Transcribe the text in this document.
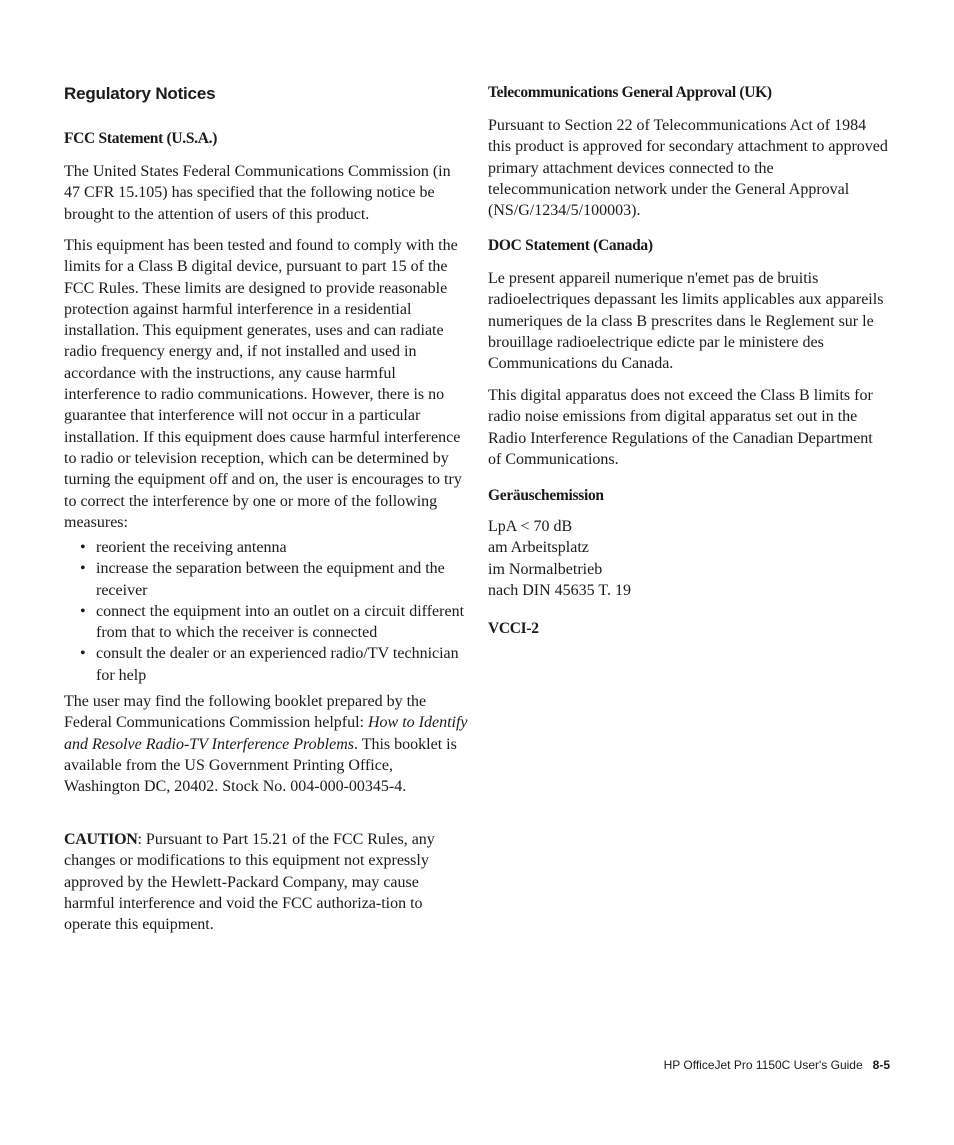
Regulatory Notices
FCC Statement (U.S.A.)

The United States Federal Communications Commission (in 47 CFR 15.105) has specified that the following notice be brought to the attention of users of this product.

This equipment has been tested and found to comply with the limits for a Class B digital device, pursuant to part 15 of the FCC Rules. These limits are designed to provide reasonable protection against harmful interference in a residential installation. This equipment generates, uses and can radiate radio frequency energy and, if not installed and used in accordance with the instructions, any cause harmful interference to radio communications. However, there is no guarantee that interference will not occur in a particular installation. If this equipment does cause harmful interference to radio or television reception, which can be determined by turning the equipment off and on, the user is encourages to try to correct the interference by one or more of the following measures:

• reorient the receiving antenna
• increase the separation between the equipment and the receiver
• connect the equipment into an outlet on a circuit different from that to which the receiver is connected
• consult the dealer or an experienced radio/TV technician for help

The user may find the following booklet prepared by the Federal Communications Commission helpful: How to Identify and Resolve Radio-TV Interference Problems. This booklet is available from the US Government Printing Office, Washington DC, 20402. Stock No. 004-000-00345-4.

CAUTION: Pursuant to Part 15.21 of the FCC Rules, any changes or modifications to this equipment not expressly approved by the Hewlett-Packard Company, may cause harmful interference and void the FCC authoriza-tion to operate this equipment.

Telecommunications General Approval (UK)

Pursuant to Section 22 of Telecommunications Act of 1984 this product is approved for secondary attachment to approved primary attachment devices connected to the telecommunication network under the General Approval (NS/G/1234/5/100003).

DOC Statement (Canada)

Le present appareil numerique n'emet pas de bruitis radioelectriques depassant les limits applicables aux appareils numeriques de la class B prescrites dans le Reglement sur le brouillage radioelectrique edicte par le ministere des Communications du Canada.

This digital apparatus does not exceed the Class B limits for radio noise emissions from digital apparatus set out in the Radio Interference Regulations of the Canadian Department of Communications.

Geräuschemission

LpA < 70 dB
am Arbeitsplatz
im Normalbetrieb
nach DIN 45635 T. 19

VCCI-2
HP OfficeJet Pro 1150C User's Guide 8-5
